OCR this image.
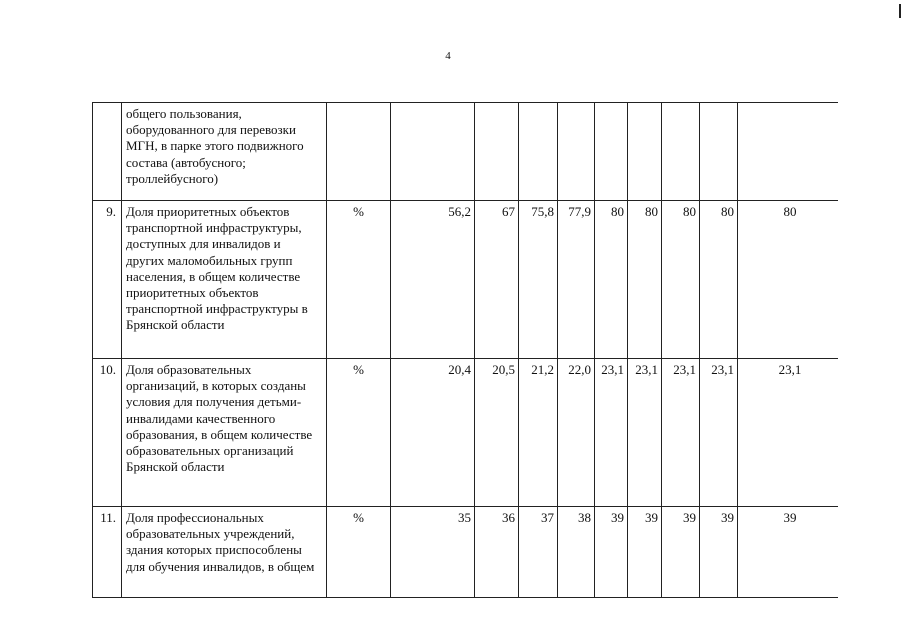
4
	общего пользования, оборудованного для перевозки МГН, в парке этого подвижного состава (автобусного; троллейбусного)										
9.	Доля приоритетных объектов транспортной инфраструктуры, доступных для инвалидов и других маломобильных групп населения, в общем количестве приоритетных объектов транспортной инфраструктуры в Брянской области	%	56,2	67	75,8	77,9	80	80	80	80	80
10.	Доля образовательных организаций, в которых созданы условия для получения детьми-инвалидами качественного образования, в общем количестве образовательных организаций Брянской области	%	20,4	20,5	21,2	22,0	23,1	23,1	23,1	23,1	23,1
11.	Доля профессиональных образовательных учреждений, здания которых приспособлены для обучения инвалидов, в общем	%	35	36	37	38	39	39	39	39	39
